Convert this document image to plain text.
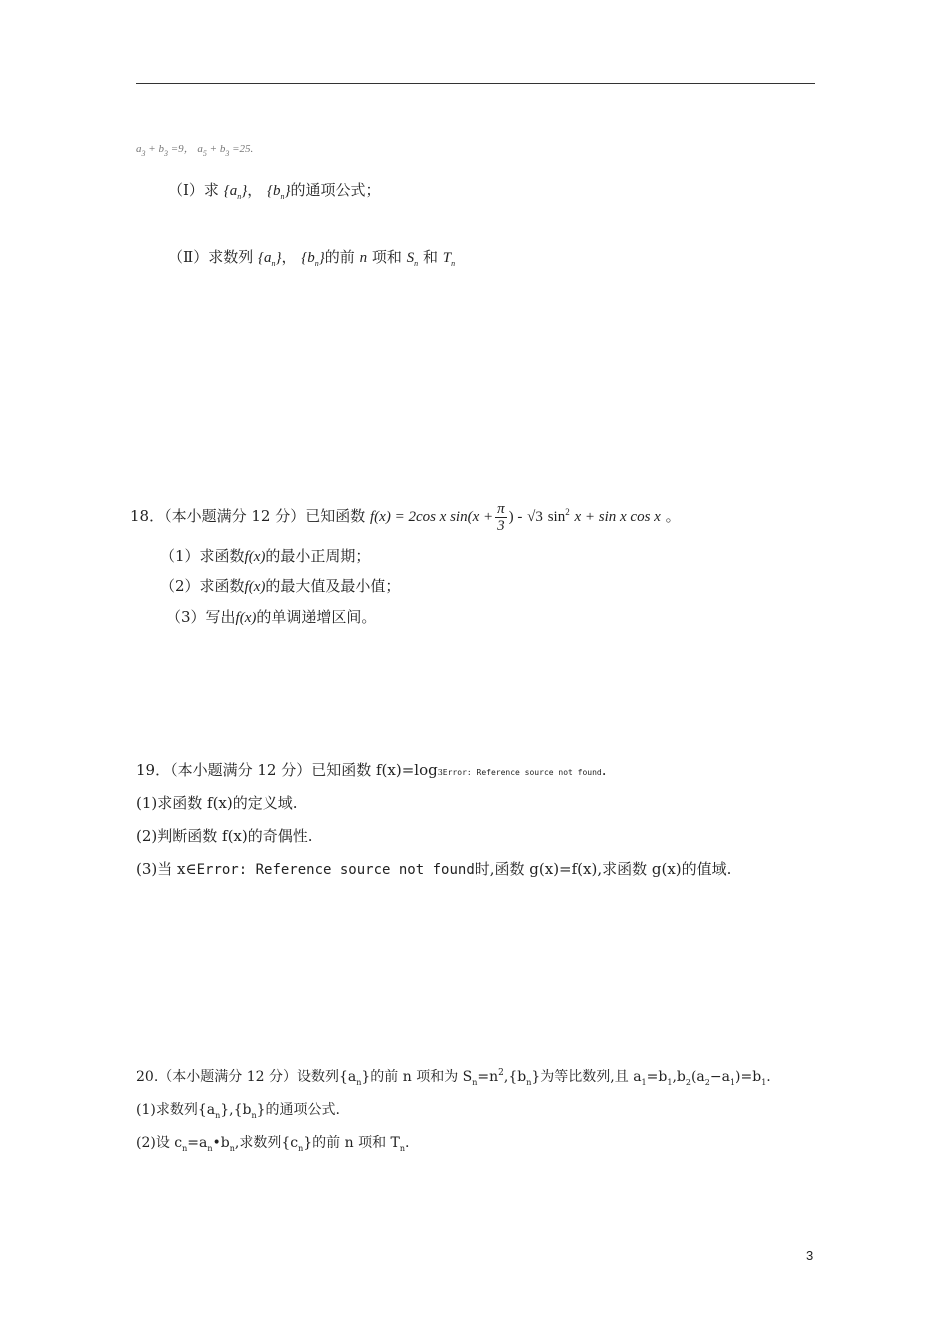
$a_3 + b_3 =9$， $a_5 + b_3 =25$.
（Ⅰ）求 $\{a_n\}$， $\{b_n\}$的通项公式；
（Ⅱ）求数列 $\{a_n\}$， $\{b_n\}$的前 n 项和 $S_n$ 和 $T_n$
18．（本小题满分 12 分）已知函数 f(x) = 2cos x $\sin(x + \frac{\pi}{3}$ ) - √3 $\sin^2 x + \sin x$ cos x 。
（1）求函数f(x)的最小正周期；
（2）求函数f(x)的最大值及最小值；
（3）写出f(x)的单调递增区间。
19．（本小题满分 12 分）已知函数 f(x)=log3Error: Reference source not found.
(1)求函数 f(x)的定义域.
(2)判断函数 f(x)的奇偶性.
(3)当 x∈Error: Reference source not found时,函数 g(x)=f(x),求函数 g(x)的值域.
20.（本小题满分 12 分）设数列$\{a_n\}$的前 n 项和为 $S_n=n^2,\{b_n\}$为等比数列,且 $a_1=b_1,b_2(a_2-a_1)=b_1$.
(1)求数列$\{a_n\},\{b_n\}$的通项公式.
(2)设 $c_n=a_n•b_n$,求数列$\{c_n\}$的前 n 项和 $T_n$.
3
